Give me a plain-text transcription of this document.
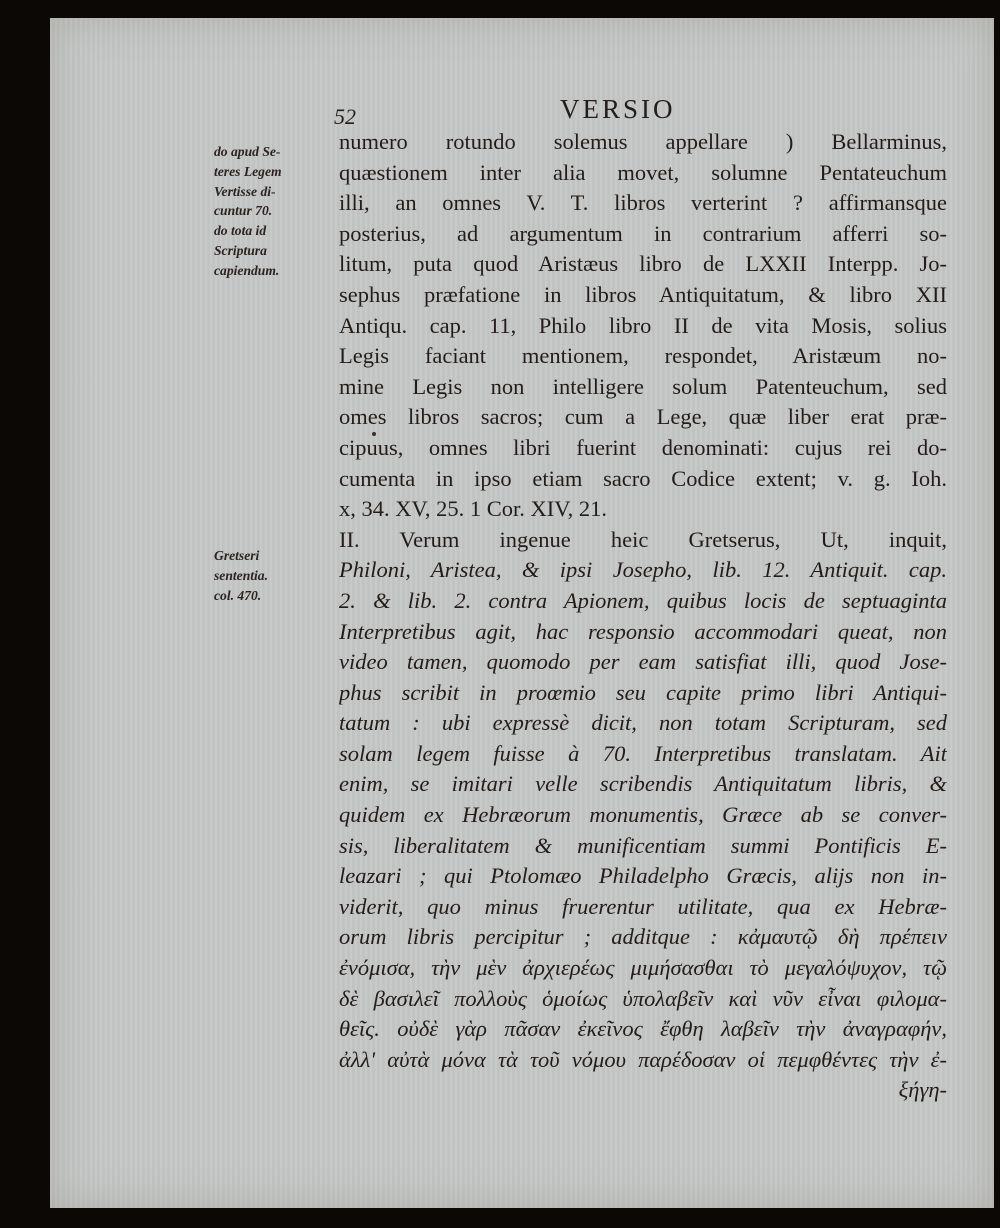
52	VERSIO
do apud Se-
teres Legem
Vertisse di-
cuntur 70.
do tota id
Scriptura
capiendum.
Gretseri
sententia.
col. 470.
numero rotundo solemus appellare ) Bellarminus,
quæstionem inter alia movet, solumne Pentateuchum
illi, an omnes V. T. libros verterint ? affirmansque
posterius, ad argumentum in contrarium afferri so-
litum, puta quod Aristæus libro de LXXII Interpp. Jo-
sephus præfatione in libros Antiquitatum, & libro XII
Antiqu. cap. 11, Philo libro II de vita Mosis, solius
Legis faciant mentionem, respondet, Aristæum no-
mine Legis non intelligere solum Patenteuchum, sed
omes libros sacros; cum a Lege, quæ liber erat præ-
cipuus, omnes libri fuerint denominati: cujus rei do-
cumenta in ipso etiam sacro Codice extent; v. g. Ioh.
x, 34. XV, 25. 1 Cor. XIV, 21.
II. Verum ingenue heic Gretserus, Ut, inquit,
Philoni, Aristea, & ipsi Josepho, lib. 12. Antiquit. cap.
2. & lib. 2. contra Apionem, quibus locis de septuaginta
Interpretibus agit, hac responsio accommodari queat, non
video tamen, quomodo per eam satisfiat illi, quod Jose-
phus scribit in proœmio seu capite primo libri Antiqui-
tatum : ubi expressè dicit, non totam Scripturam, sed
solam legem fuisse à 70. Interpretibus translatam. Ait
enim, se imitari velle scribendis Antiquitatum libris, &
quidem ex Hebræorum monumentis, Græce ab se conver-
sis, liberalitatem & munificentiam summi Pontificis E-
leazari ; qui Ptolomæo Philadelpho Græcis, alijs non in-
viderit, quo minus fruerentur utilitate, qua ex Hebræ-
orum libris percipitur ; additque : κἀμαυτῷ δὴ πρέπειν
ἐνόμισα, τὴν μὲν ἀρχιερέως μιμήσασθαι τὸ μεγαλόψυχον, τῷ
δὲ βασιλεῖ πολλοὺς ὁμοίως ὑπολαβεῖν καὶ νῦν εἶναι φιλομα-
θεῖς. οὐδὲ γὰρ πᾶσαν ἐκεῖνος ἔφθη λαβεῖν τὴν ἀναγραφήν,
ἀλλ' αὐτὰ μόνα τὰ τοῦ νόμου παρέδοσαν οἱ πεμφθέντες τὴν ἐ-
ξήγη-
